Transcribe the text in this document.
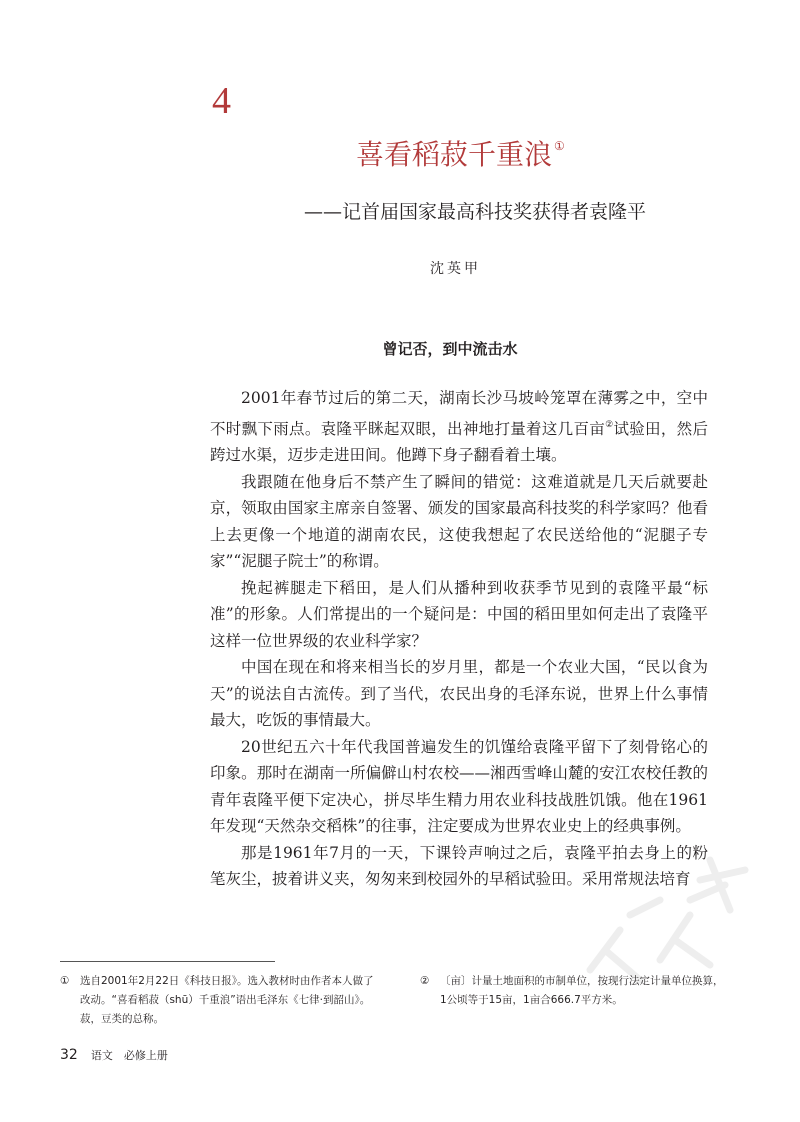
4
喜看稻菽千重浪 ①
——记首届国家最高科技奖获得者袁隆平
沈英甲
曾记否，到中流击水

2001年春节过后的第二天，湖南长沙马坡岭笼罩在薄雾之中，空中不时飘下雨点。袁隆平眯起双眼，出神地打量着这几百亩②试验田，然后跨过水渠，迈步走进田间。他蹲下身子翻看着土壤。

我跟随在他身后不禁产生了瞬间的错觉：这难道就是几天后就要赴京，领取由国家主席亲自签署、颁发的国家最高科技奖的科学家吗？他看上去更像一个地道的湖南农民，这使我想起了农民送给他的“泥腿子专家”“泥腿子院士”的称谓。

挽起裤腿走下稻田，是人们从播种到收获季节见到的袁隆平最“标准”的形象。人们常提出的一个疑问是：中国的稻田里如何走出了袁隆平这样一位世界级的农业科学家？

中国在现在和将来相当长的岁月里，都是一个农业大国，“民以食为天”的说法自古流传。到了当代，农民出身的毛泽东说，世界上什么事情最大，吃饭的事情最大。

20世纪五六十年代我国普遍发生的饥馑给袁隆平留下了刻骨铭心的印象。那时在湖南一所偏僻山村农校——湘西雪峰山麓的安江农校任教的青年袁隆平便下定决心，拼尽毕生精力用农业科技战胜饥饿。他在1961年发现“天然杂交稻株”的往事，注定要成为世界农业史上的经典事例。

那是1961年7月的一天，下课铃声响过之后，袁隆平拍去身上的粉笔灰尘，披着讲义夹，匆匆来到校园外的早稻试验田。采用常规法培育

① 选自2001年2月22日《科技日报》。选入教材时由作者本人做了改动。“喜看稻菽（shū）千重浪”语出毛泽东《七律·到韶山》。菽，豆类的总称。
② 〔亩〕计量土地面积的市制单位，按现行法定计量单位换算，1公顷等于15亩，1亩合666.7平方米。
32 语文　必修上册
